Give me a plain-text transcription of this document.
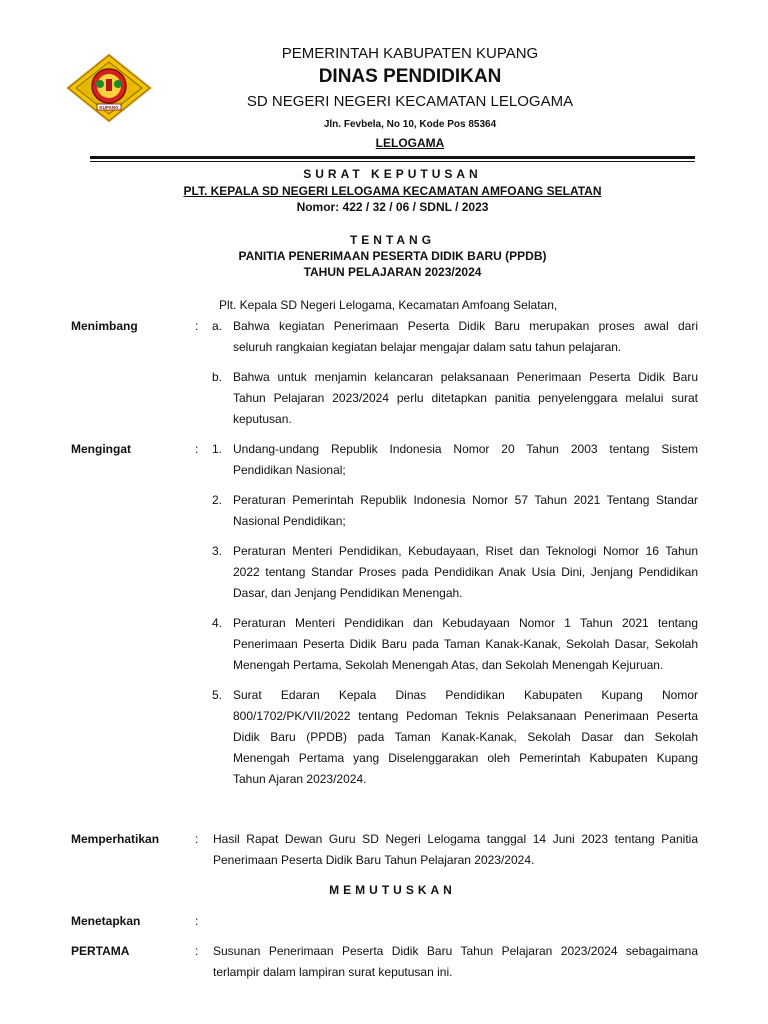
KUPANG
PEMERINTAH KABUPATEN KUPANG
DINAS PENDIDIKAN
SD NEGERI NEGERI KECAMATAN LELOGAMA
Jln. Fevbela, No 10, Kode Pos 85364
LELOGAMA
SURAT KEPUTUSAN
PLT. KEPALA SD NEGERI LELOGAMA KECAMATAN AMFOANG SELATAN
Nomor: 422 / 32 / 06 / SDNL / 2023
TENTANG
PANITIA PENERIMAAN PESERTA DIDIK BARU (PPDB)
TAHUN PELAJARAN 2023/2024
Plt. Kepala SD Negeri Lelogama, Kecamatan Amfoang Selatan,
Menimbang	: a. Bahwa kegiatan Penerimaan Peserta Didik Baru merupakan proses awal dari
seluruh rangkaian kegiatan belajar mengajar dalam satu tahun pelajaran.
b. Bahwa untuk menjamin kelancaran pelaksanaan Penerimaan Peserta Didik Baru
Tahun Pelajaran 2023/2024 perlu ditetapkan panitia penyelenggara melalui surat
keputusan.
Mengingat	: 1. Undang-undang Republik Indonesia Nomor 20 Tahun 2003 tentang Sistem
Pendidikan Nasional;
2. Peraturan Pemerintah Republik Indonesia Nomor 57 Tahun 2021 Tentang Standar
Nasional Pendidikan;
3. Peraturan Menteri Pendidikan, Kebudayaan, Riset dan Teknologi Nomor 16 Tahun
2022 tentang Standar Proses pada Pendidikan Anak Usia Dini, Jenjang Pendidikan
Dasar, dan Jenjang Pendidikan Menengah.
4. Peraturan Menteri Pendidikan dan Kebudayaan Nomor 1 Tahun 2021 tentang
Penerimaan Peserta Didik Baru pada Taman Kanak-Kanak, Sekolah Dasar, Sekolah
Menengah Pertama, Sekolah Menengah Atas, dan Sekolah Menengah Kejuruan.
5. Surat Edaran Kepala Dinas Pendidikan Kabupaten Kupang Nomor
800/1702/PK/VII/2022 tentang Pedoman Teknis Pelaksanaan Penerimaan Peserta
Didik Baru (PPDB) pada Taman Kanak-Kanak, Sekolah Dasar dan Sekolah
Menengah Pertama yang Diselenggarakan oleh Pemerintah Kabupaten Kupang
Tahun Ajaran 2023/2024.
Memperhatikan	: Hasil Rapat Dewan Guru SD Negeri Lelogama tanggal 14 Juni 2023 tentang Panitia
Penerimaan Peserta Didik Baru Tahun Pelajaran 2023/2024.
MEMUTUSKAN
Menetapkan	:
PERTAMA	: Susunan Penerimaan Peserta Didik Baru Tahun Pelajaran 2023/2024 sebagaimana
terlampir dalam lampiran surat keputusan ini.
